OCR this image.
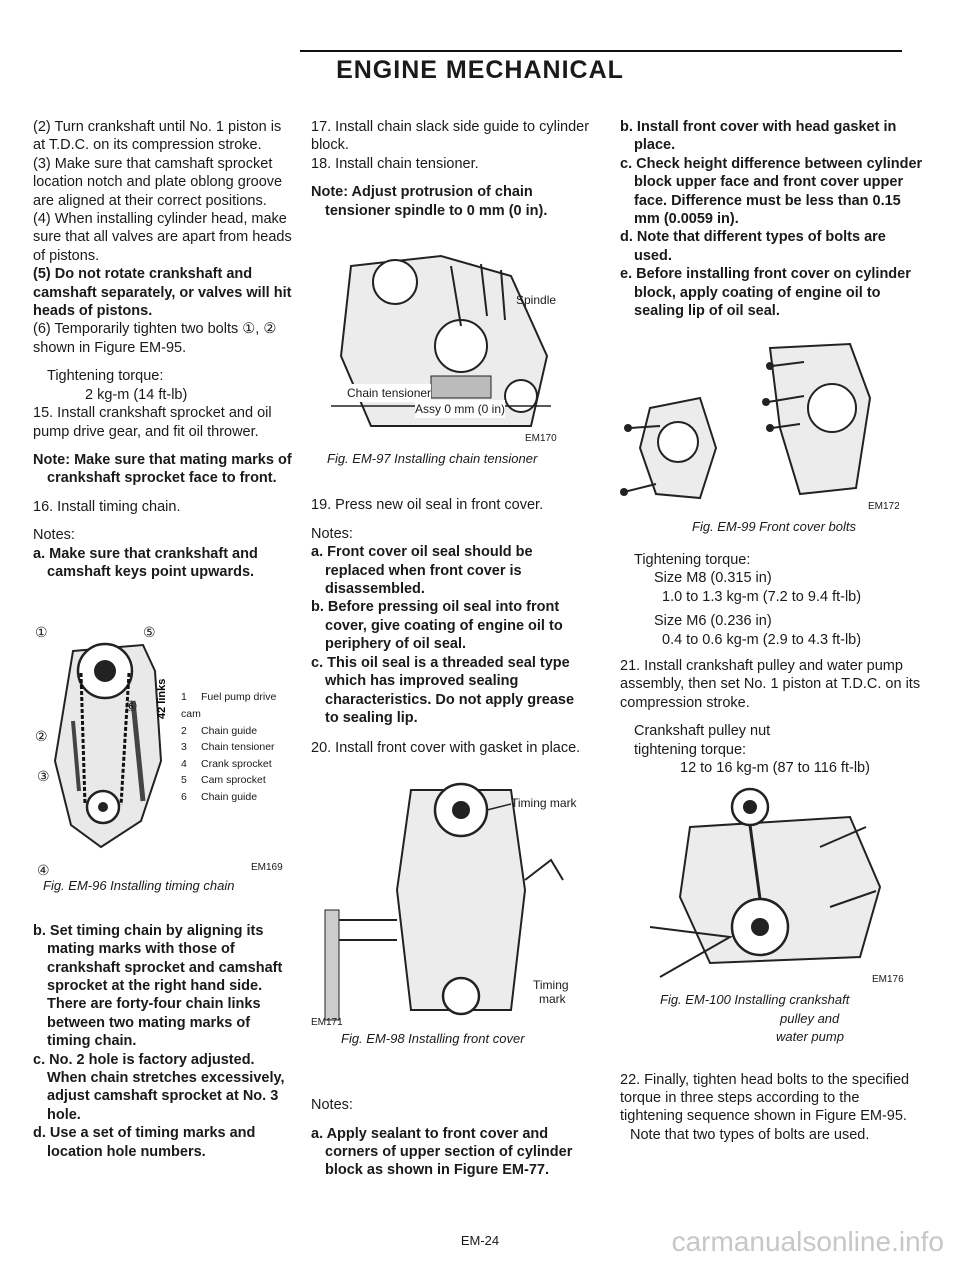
ENGINE MECHANICAL

(2) Turn crankshaft until No. 1 piston is at T.D.C. on its compression stroke.

(3) Make sure that camshaft sprocket location notch and plate oblong groove are aligned at their correct positions.

(4) When installing cylinder head, make sure that all valves are apart from heads of pistons.

(5) Do not rotate crankshaft and camshaft separately, or valves will hit heads of pistons.

(6) Temporarily tighten two bolts ①, ② shown in Figure EM-95.

Tightening torque:

2 kg-m (14 ft-lb)

15. Install crankshaft sprocket and oil pump drive gear, and fit oil thrower.

Note: Make sure that mating marks of crankshaft sprocket face to front.

16. Install timing chain.

Notes:

a. Make sure that crankshaft and camshaft keys point upwards.

42 links
①
②
③
④
⑤
⑥
1 Fuel pump drive cam
2 Chain guide
3 Chain tensioner
4 Crank sprocket
5 Cam sprocket
6 Chain guide
EM169

Fig. EM-96 Installing timing chain

b. Set timing chain by aligning its mating marks with those of crankshaft sprocket and camshaft sprocket at the right hand side. There are forty-four chain links between two mating marks of timing chain.

c. No. 2 hole is factory adjusted. When chain stretches excessively, adjust camshaft sprocket at No. 3 hole.

d. Use a set of timing marks and location hole numbers.

17. Install chain slack side guide to cylinder block.

18. Install chain tensioner.

Note: Adjust protrusion of chain tensioner spindle to 0 mm (0 in).

Spindle
Chain tensioner
Assy 0 mm (0 in)
EM170

Fig. EM-97 Installing chain tensioner

19. Press new oil seal in front cover.

Notes:

a. Front cover oil seal should be replaced when front cover is disassembled.

b. Before pressing oil seal into front cover, give coating of engine oil to periphery of oil seal.

c. This oil seal is a threaded seal type which has improved sealing characteristics. Do not apply grease to sealing lip.

20. Install front cover with gasket in place.

Timing mark
Timing
mark
EM171

Fig. EM-98 Installing front cover

Notes:

a. Apply sealant to front cover and corners of upper section of cylinder block as shown in Figure EM-77.

b. Install front cover with head gasket in place.

c. Check height difference between cylinder block upper face and front cover upper face. Difference must be less than 0.15 mm (0.0059 in).

d. Note that different types of bolts are used.

e. Before installing front cover on cylinder block, apply coating of engine oil to sealing lip of oil seal.

EM172

Fig. EM-99 Front cover bolts

Tightening torque:

Size M8 (0.315 in)

1.0 to 1.3 kg-m (7.2 to 9.4 ft-lb)

Size M6 (0.236 in)

0.4 to 0.6 kg-m (2.9 to 4.3 ft-lb)

21. Install crankshaft pulley and water pump assembly, then set No. 1 piston at T.D.C. on its compression stroke.

Crankshaft pulley nut

tightening torque:

12 to 16 kg-m (87 to 116 ft-lb)

EM176

Fig. EM-100 Installing crankshaft

pulley and

water pump

22. Finally, tighten head bolts to the specified torque in three steps according to the tightening sequence shown in Figure EM-95.

Note that two types of bolts are used.

EM-24	carmanualsonline.info
